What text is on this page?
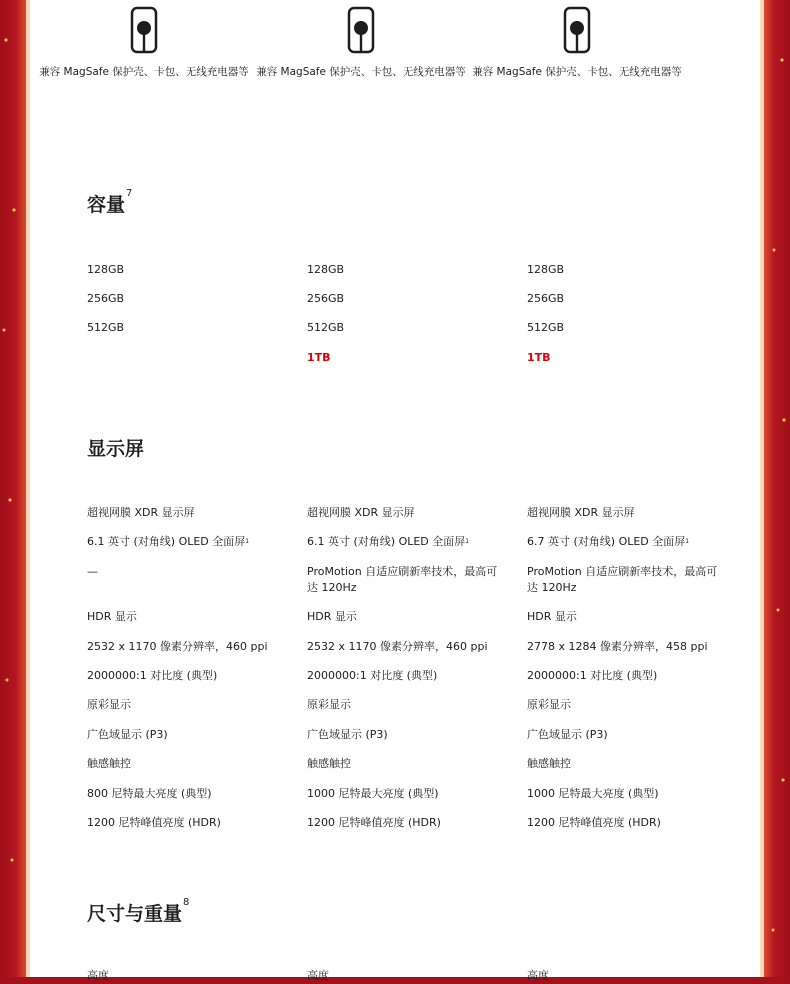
兼容 MagSafe 保护壳、卡包、无线充电器等 兼容 MagSafe 保护壳、卡包、无线充电器等 兼容 MagSafe 保护壳、卡包、无线充电器等
容量$^7$
128GB
256GB
512GB
128GB
256GB
512GB
1TB
128GB
256GB
512GB
1TB
显示屏
超视网膜 XDR 显示屏
6.1 英寸 (对角线) OLED 全面屏$^1$
—
HDR 显示
2532 x 1170 像素分辨率，460 ppi
2000000:1 对比度 (典型)
原彩显示
广色域显示 (P3)
触感触控
800 尼特最大亮度 (典型)
1200 尼特峰值亮度 (HDR)
超视网膜 XDR 显示屏
6.1 英寸 (对角线) OLED 全面屏$^1$
ProMotion 自适应刷新率技术，最高可达 120Hz
HDR 显示
2532 x 1170 像素分辨率，460 ppi
2000000:1 对比度 (典型)
原彩显示
广色域显示 (P3)
触感触控
1000 尼特最大亮度 (典型)
1200 尼特峰值亮度 (HDR)
超视网膜 XDR 显示屏
6.7 英寸 (对角线) OLED 全面屏$^1$
ProMotion 自适应刷新率技术，最高可达 120Hz
HDR 显示
2778 x 1284 像素分辨率，458 ppi
2000000:1 对比度 (典型)
原彩显示
广色域显示 (P3)
触感触控
1000 尼特最大亮度 (典型)
1200 尼特峰值亮度 (HDR)
尺寸与重量$^8$
高度	高度	高度
